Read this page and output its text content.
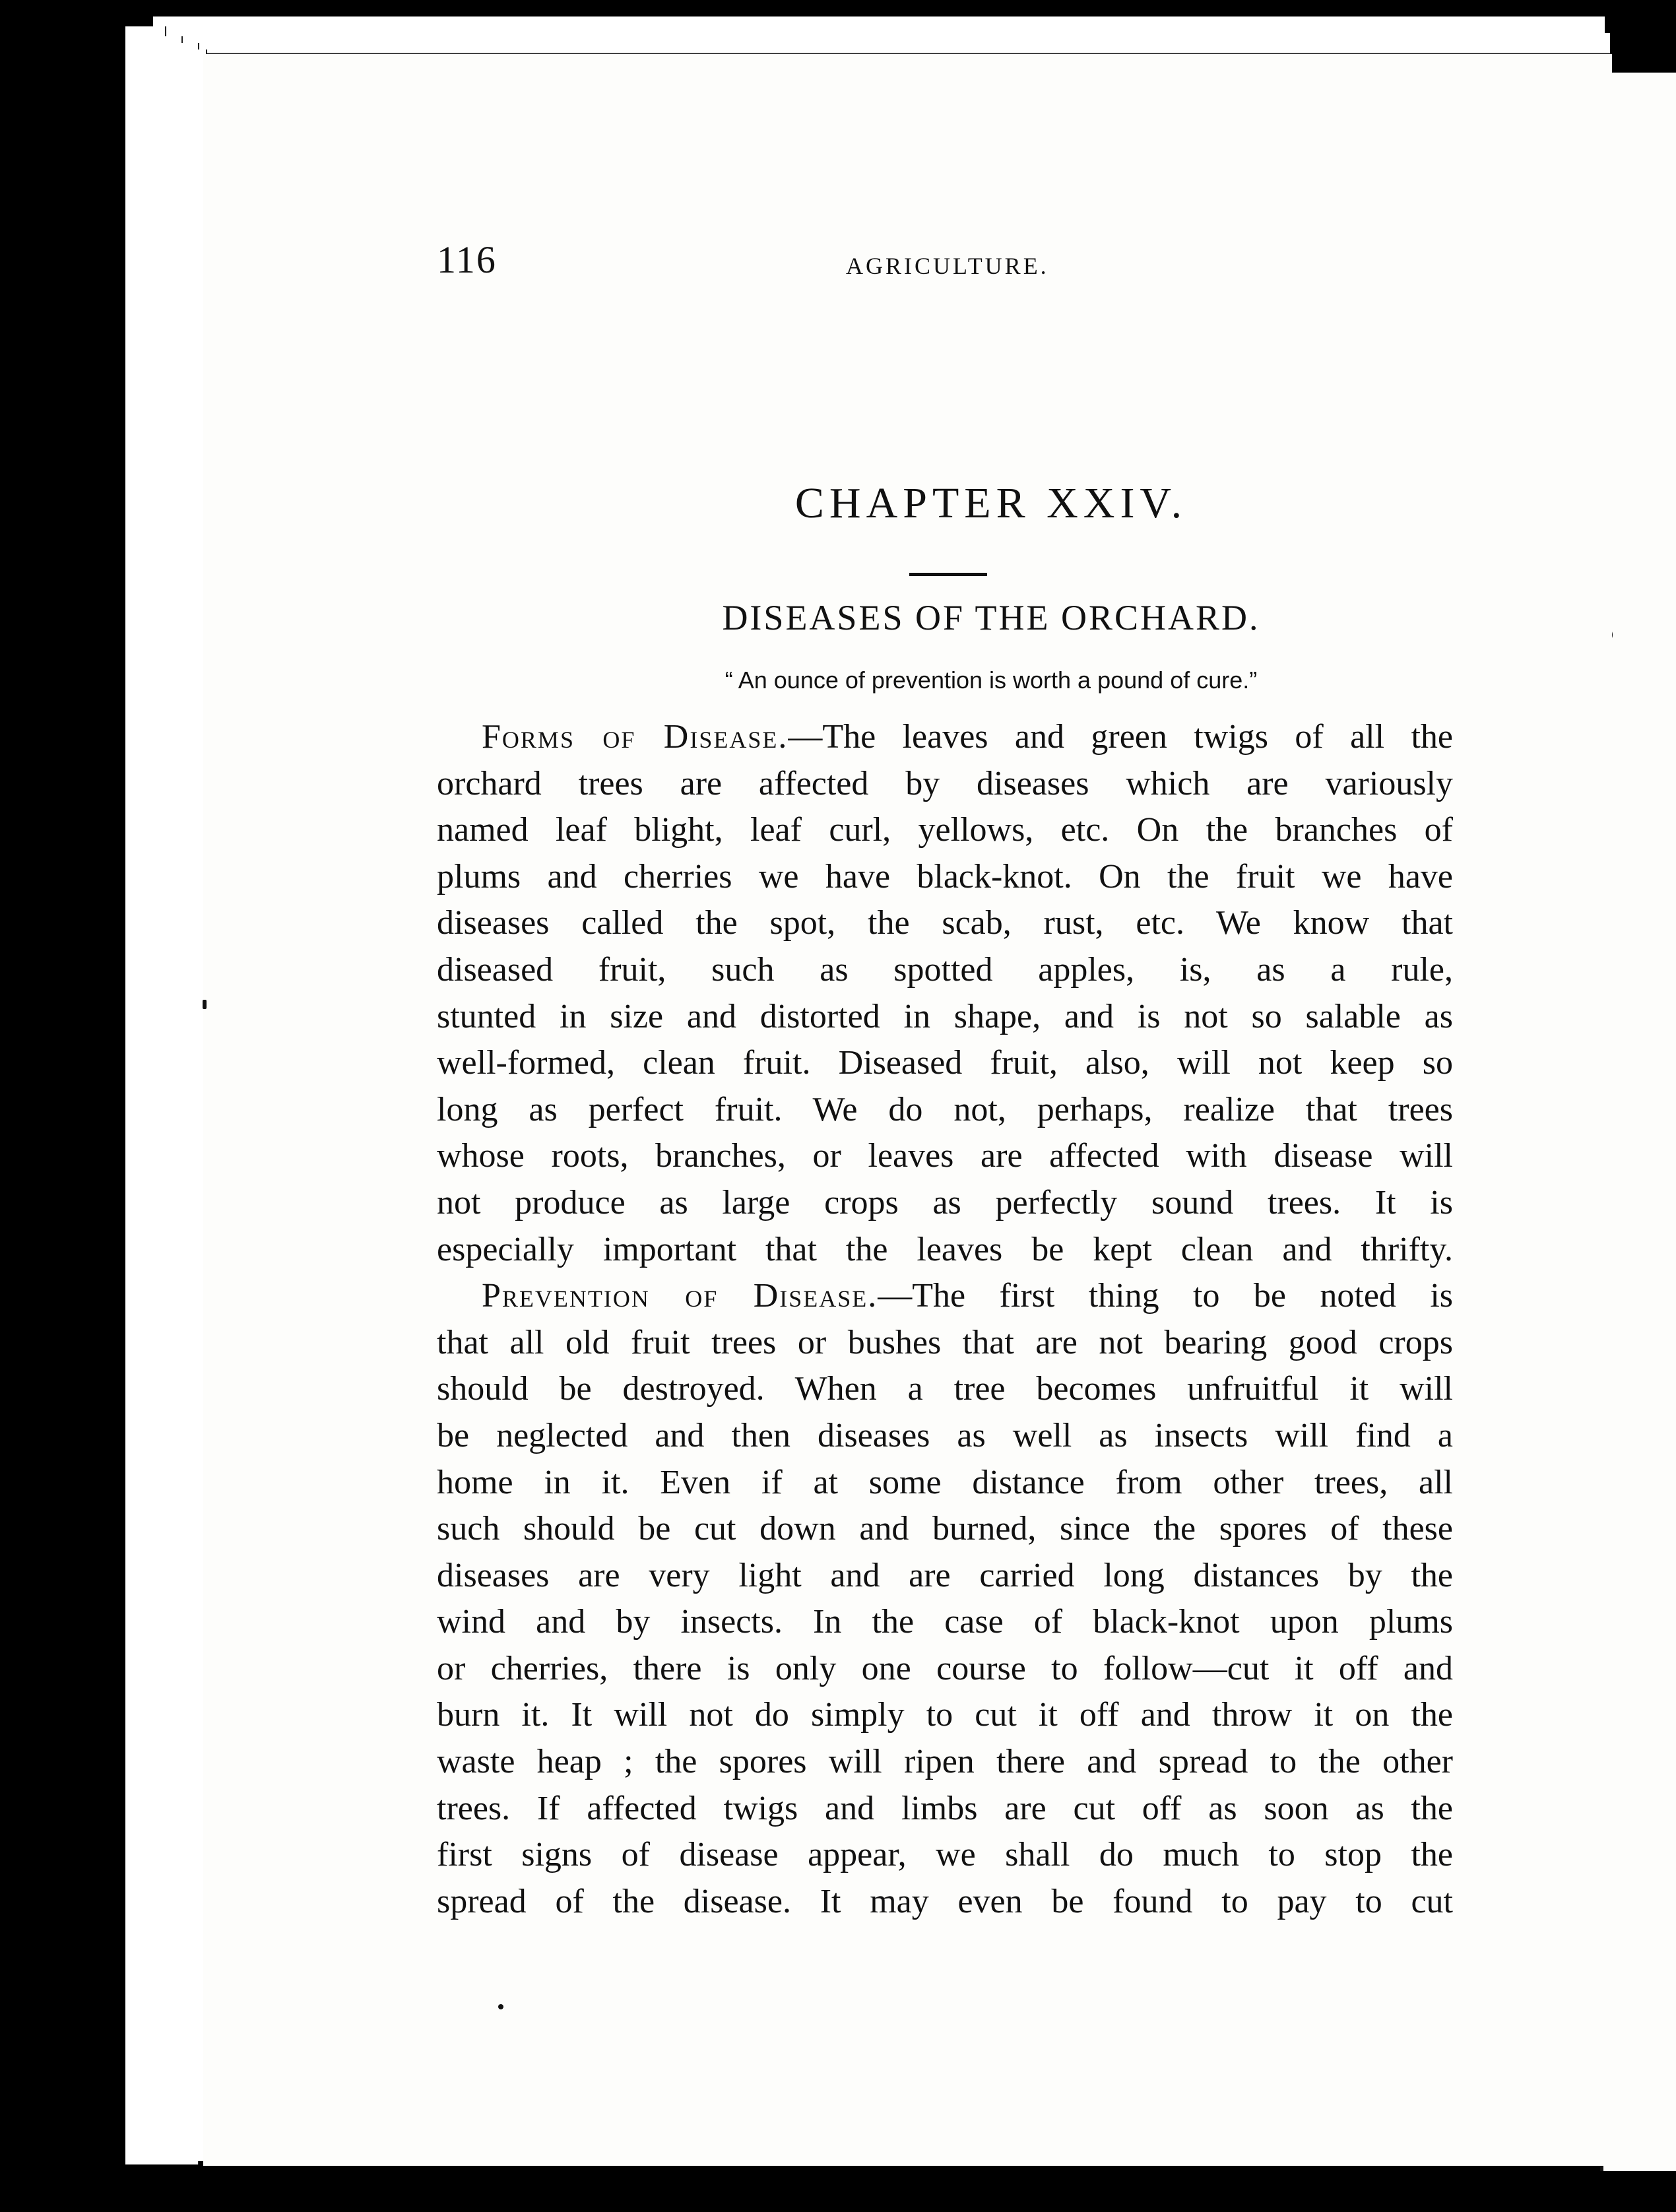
116	AGRICULTURE.
CHAPTER XXIV.
DISEASES OF THE ORCHARD.
“ An ounce of prevention is worth a pound of cure.”
Forms of Disease.—The leaves and green twigs of all the
orchard trees are affected by diseases which are variously
named leaf blight, leaf curl, yellows, etc. On the branches of
plums and cherries we have black-knot. On the fruit we have
diseases called the spot, the scab, rust, etc. We know that
diseased fruit, such as spotted apples, is, as a rule,
stunted in size and distorted in shape, and is not so salable as
well-formed, clean fruit. Diseased fruit, also, will not keep so
long as perfect fruit. We do not, perhaps, realize that trees
whose roots, branches, or leaves are affected with disease will
not produce as large crops as perfectly sound trees. It is
especially important that the leaves be kept clean and thrifty.
Prevention of Disease.—The first thing to be noted is
that all old fruit trees or bushes that are not bearing good crops
should be destroyed. When a tree becomes unfruitful it will
be neglected and then diseases as well as insects will find a
home in it. Even if at some distance from other trees, all
such should be cut down and burned, since the spores of these
diseases are very light and are carried long distances by the
wind and by insects. In the case of black-knot upon plums
or cherries, there is only one course to follow—cut it off and
burn it. It will not do simply to cut it off and throw it on the
waste heap ; the spores will ripen there and spread to the other
trees. If affected twigs and limbs are cut off as soon as the
first signs of disease appear, we shall do much to stop the
spread of the disease. It may even be found to pay to cut
